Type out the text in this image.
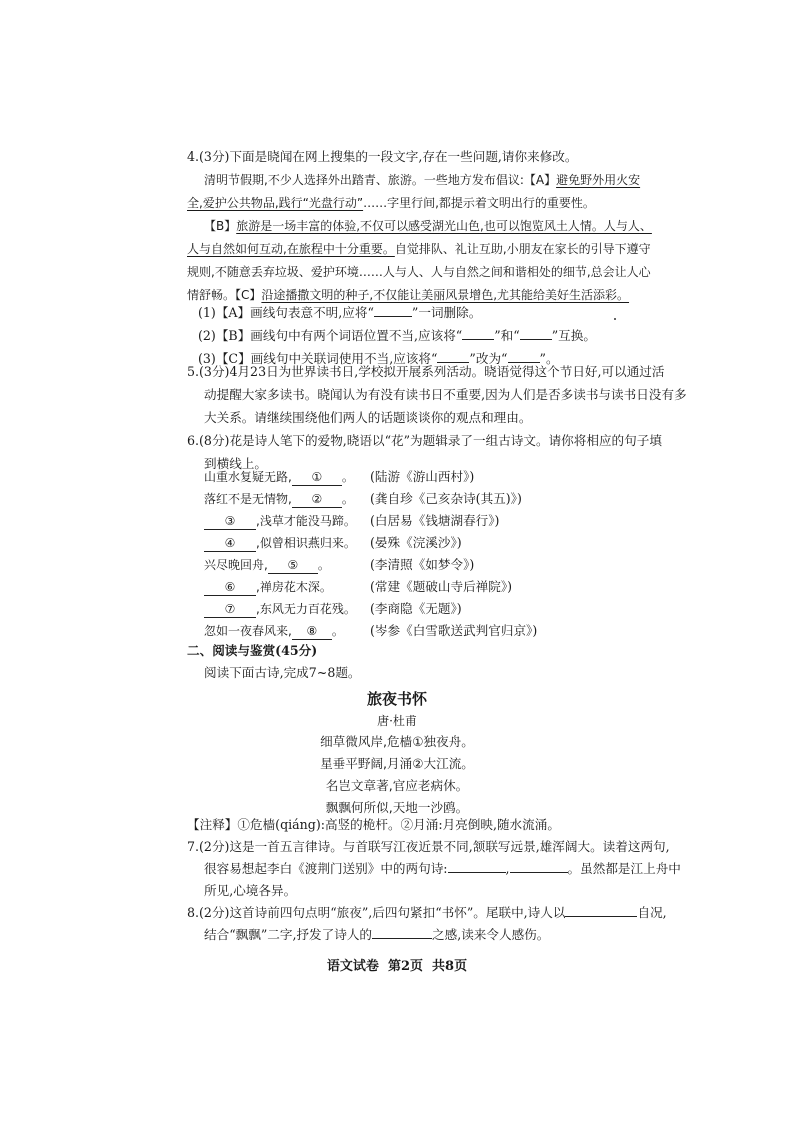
4.(3分)下面是晓闻在网上搜集的一段文字,存在一些问题,请你来修改。
清明节假期,不少人选择外出踏青、旅游。一些地方发布倡议:【A】避免野外用火安
全,爱护公共物品,践行“光盘行动”……字里行间,都提示着文明出行的重要性。
【B】旅游是一场丰富的体验,不仅可以感受湖光山色,也可以饱览风土人情。人与人、
人与自然如何互动,在旅程中十分重要。自觉排队、礼让互助,小朋友在家长的引导下遵守
规则,不随意丢弃垃圾、爱护环境……人与人、人与自然之间和谐相处的细节,总会让人心
情舒畅。【C】沿途播撒文明的种子,不仅能让美丽风景增色,尤其能给美好生活添彩。
(1)【A】画线句表意不明,应将“	”一词删除。
(2)【B】画线句中有两个词语位置不当,应该将“	”和“	”互换。
(3)【C】画线句中关联词使用不当,应该将“	”改为“	”。
5.(3分)4月23日为世界读书日,学校拟开展系列活动。晓语觉得这个节日好,可以通过活
动提醒大家多读书。晓闻认为有没有读书日不重要,因为人们是否多读书与读书日没有多
大关系。请继续围绕他们两人的话题谈谈你的观点和理由。
6.(8分)花是诗人笔下的爱物,晓语以“花”为题辑录了一组古诗文。请你将相应的句子填
到横线上。
山重水复疑无路, ① 。 (陆游《游山西村》)
落红不是无情物, ② 。 (龚自珍《己亥杂诗(其五)》)
③ ,浅草才能没马蹄。 (白居易《钱塘湖春行》)
④ ,似曾相识燕归来。 (晏殊《浣溪沙》)
兴尽晚回舟, ⑤ 。	(李清照《如梦令》)
⑥ ,禅房花木深。	(常建《题破山寺后禅院》)
⑦ ,东风无力百花残。 (李商隐《无题》)
忽如一夜春风来, ⑧ 。 (岑参《白雪歌送武判官归京》)
二、阅读与鉴赏(45分)
阅读下面古诗,完成7~8题。
旅夜书怀
唐·杜甫
细草微风岸,危樯①独夜舟。
星垂平野阔,月涌②大江流。
名岂文章著,官应老病休。
飘飘何所似,天地一沙鸥。
【注释】①危樯(qiáng):高竖的桅杆。②月涌:月亮倒映,随水流涌。
7.(2分)这是一首五言律诗。与首联写江夜近景不同,颔联写远景,雄浑阔大。读着这两句,
很容易想起李白《渡荆门送别》中的两句诗:	,	。虽然都是江上舟中
所见,心境各异。
8.(2分)这首诗前四句点明“旅夜”,后四句紧扣“书怀”。尾联中,诗人以	自况,
结合“飘飘”二字,抒发了诗人的	之感,读来令人感伤。
语文试卷  第2页  共8页
